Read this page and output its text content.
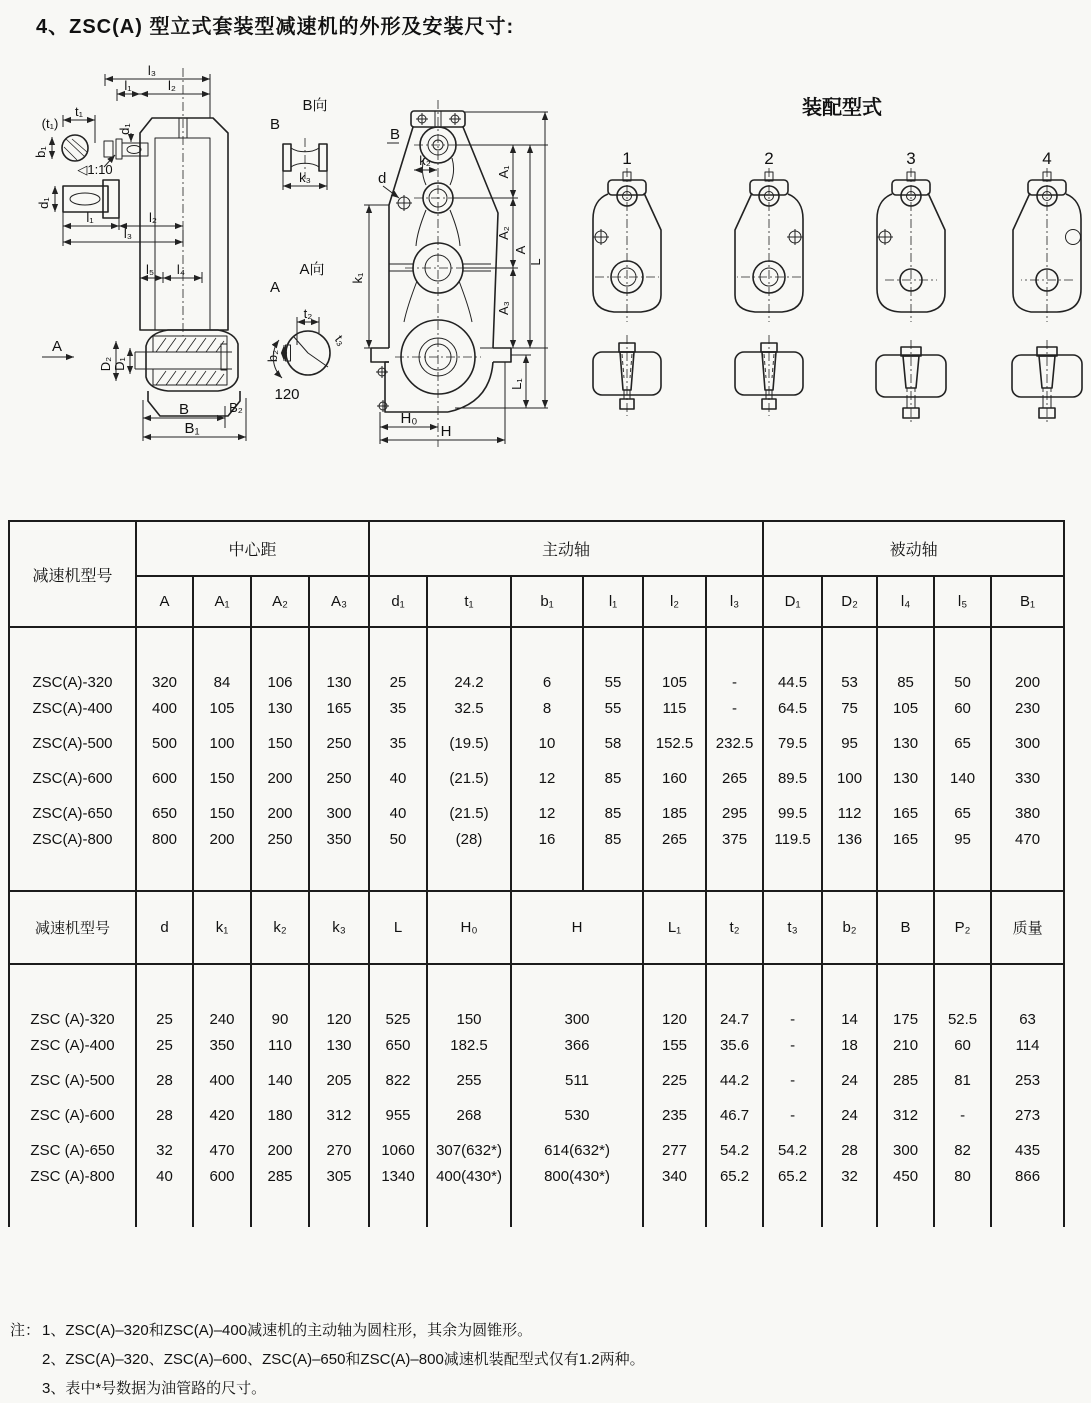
4、ZSC(A) 型立式套装型减速机的外形及安装尺寸:
l₃
l₁	l₂
t₁
(t₁)
b₁
d₁
◁1:10
d₁
l₁	l₂
l₃
l₅ l₄
A
D₂ D₁
B	B₂
B₁
B向
B
k₃
A向
A
t₂
b₂
t₃
120
B
k₂
d	A₁
A₂
A₃
A
L
L₁
k₁
H₀
H
装配型式
1	2	3	4
减速机型号	中心距				主动轴						被动轴				
	A	A₁	A₂	A₃	d₁	t₁	b₁	l₁	l₂	l₃	D₁	D₂	l₄	l₅	B₁
ZSC(A)-320	320	84	106	130	25	24.2	6	55	105	-	44.5	53	85	50	200
ZSC(A)-400	400	105	130	165	35	32.5	8	55	115	-	64.5	75	105	60	230
ZSC(A)-500	500	100	150	250	35	(19.5)	10	58	152.5	232.5	79.5	95	130	65	300
ZSC(A)-600	600	150	200	250	40	(21.5)	12	85	160	265	89.5	100	130	140	330
ZSC(A)-650	650	150	200	300	40	(21.5)	12	85	185	295	99.5	112	165	65	380
ZSC(A)-800	800	200	250	350	50	(28)	16	85	265	375	119.5	136	165	95	470
减速机型号	d	k₁	k₂	k₃	L	H₀	H		L₁	t₂	t₃	b₂	B	P₂	质量
ZSC (A)-320	25	240	90	120	525	150	300		120	24.7	-	14	175	52.5	63
ZSC (A)-400	25	350	110	130	650	182.5	366		155	35.6	-	18	210	60	114
ZSC (A)-500	28	400	140	205	822	255	511		225	44.2	-	24	285	81	253
ZSC (A)-600	28	420	180	312	955	268	530		235	46.7	-	24	312	-	273
ZSC (A)-650	32	470	200	270	1060	307(632*)	614(632*)		277	54.2	54.2	28	300	82	435
ZSC (A)-800	40	600	285	305	1340	400(430*)	800(430*)		340	65.2	65.2	32	450	80	866
注： 1、ZSC(A)–320和ZSC(A)–400减速机的主动轴为圆柱形，其余为圆锥形。
2、ZSC(A)–320、ZSC(A)–600、ZSC(A)–650和ZSC(A)–800减速机装配型式仅有1.2两种。
3、表中*号数据为油管路的尺寸。
